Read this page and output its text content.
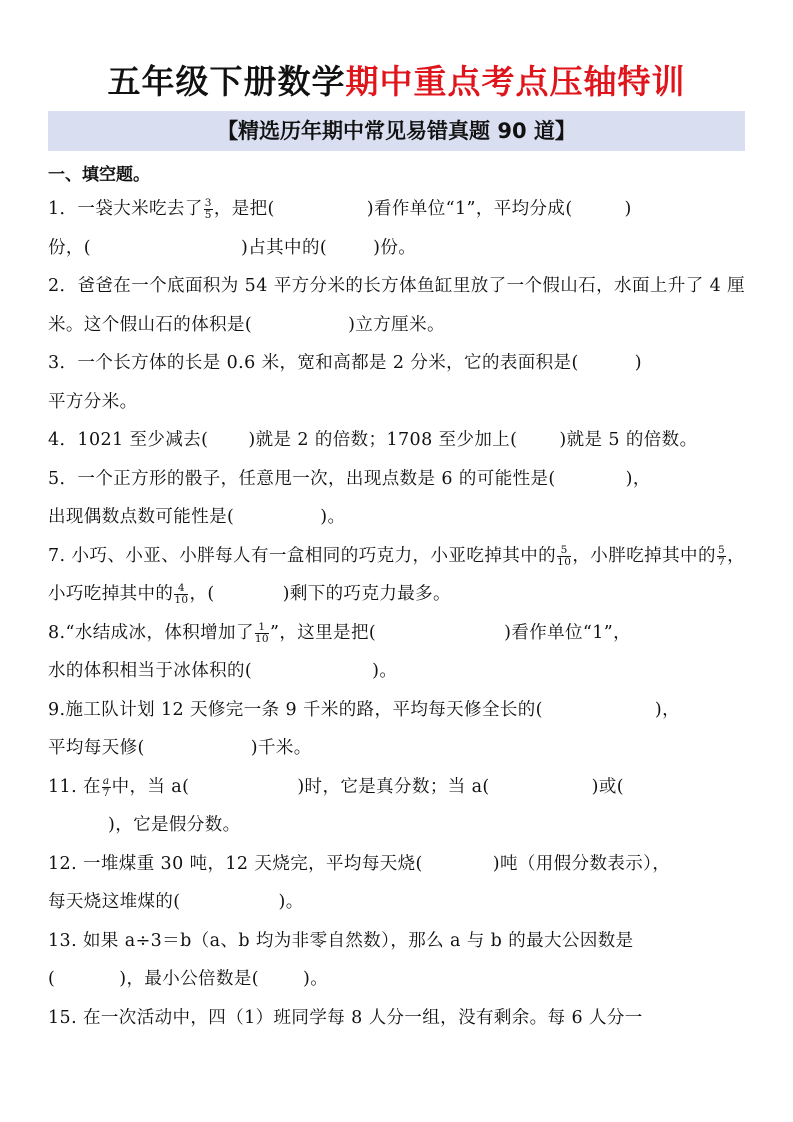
五年级下册数学期中重点考点压轴特训
【精选历年期中常见易错真题 90 道】
一、填空题。

1．一袋大米吃去了 $\frac{3}{5}$ ，是把(	)看作单位“1”，平均分成(	)
份，(	)占其中的(	)份。

2．爸爸在一个底面积为 54 平方分米的长方体鱼缸里放了一个假山石，水面上升了 4 厘米。这个假山石的体积是(	)立方厘米。

3．一个长方体的长是 0.6 米，宽和高都是 2 分米，它的表面积是(	)
平方分米。

4．1021 至少减去( )就是 2 的倍数；1708 至少加上( )就是 5 的倍数。

5．一个正方形的骰子，任意甩一次，出现点数是 6 的可能性是(	)，
出现偶数点数可能性是(	)。

7. 小巧、小亚、小胖每人有一盒相同的巧克力，小亚吃掉其中的 $\frac{5}{10}$ ，小胖吃掉其中的 $\frac{5}{7}$ ，小巧吃掉其中的 $\frac{4}{10}$ ，(	)剩下的巧克力最多。

8.“水结成冰，体积增加了 $\frac{1}{10}$ ”，这里是把(	)看作单位“1”，
水的体积相当于冰体积的(	)。

9.施工队计划 12 天修完一条 9 千米的路，平均每天修全长的(	)，
平均每天修(	)千米。

11. 在 $\frac{a}{7}$ 中，当 a(	)时，它是真分数；当 a(	)或(
)，它是假分数。

12. 一堆煤重 30 吨，12 天烧完，平均每天烧(	)吨（用假分数表示），
每天烧这堆煤的(	)。

13. 如果 a÷3＝b（a、b 均为非零自然数），那么 a 与 b 的最大公因数是
(	)，最小公倍数是(	)。

15. 在一次活动中，四（1）班同学每 8 人分一组，没有剩余。每 6 人分一
